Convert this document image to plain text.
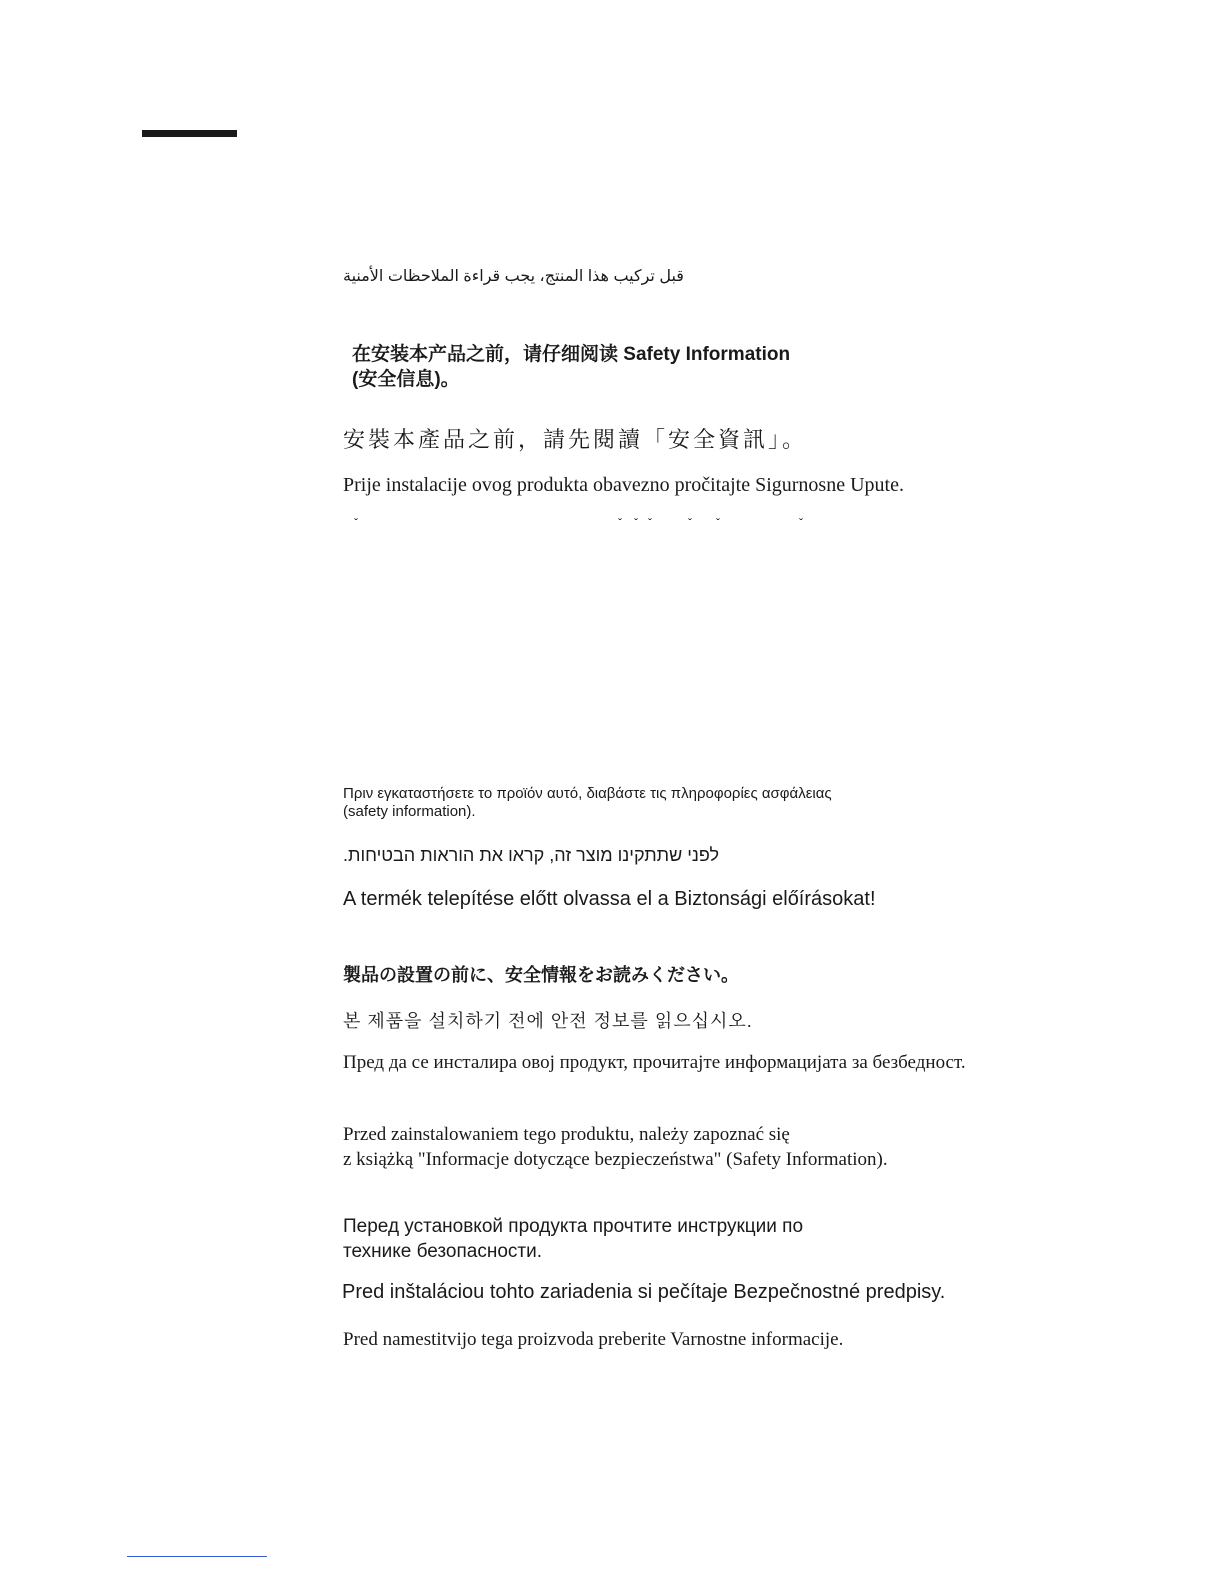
قبل تركيب هذا المنتج، يجب قراءة الملاحظات الأمنية

在安装本产品之前，请仔细阅读 Safety Information
(安全信息)。

安裝本產品之前，請先閱讀「安全資訊」。

Prije instalacije ovog produkta obavezno pročitajte Sigurnosne Upute.

ˇ	ˇ ˇ ˇ	ˇ ˇ	ˇ

Πριν εγκαταστήσετε το προϊόν αυτό, διαβάστε τις πληροφορίες ασφάλειας
(safety information).

.לפני שתתקינו מוצר זה, קראו את הוראות הבטיחות

A termék telepítése előtt olvassa el a Biztonsági előírásokat!

製品の設置の前に、安全情報をお読みください。

본 제품을 설치하기 전에 안전 정보를 읽으십시오.

Пред да се инсталира овој продукт, прочитајте информацијата за безбедност.

Przed zainstalowaniem tego produktu, należy zapoznać się
z książką "Informacje dotyczące bezpieczeństwa" (Safety Information).

Перед установкой продукта прочтите инструкции по
технике безопасности.

Pred inštaláciou tohto zariadenia si pečítaje Bezpečnostné predpisy.

Pred namestitvijo tega proizvoda preberite Varnostne informacije.
